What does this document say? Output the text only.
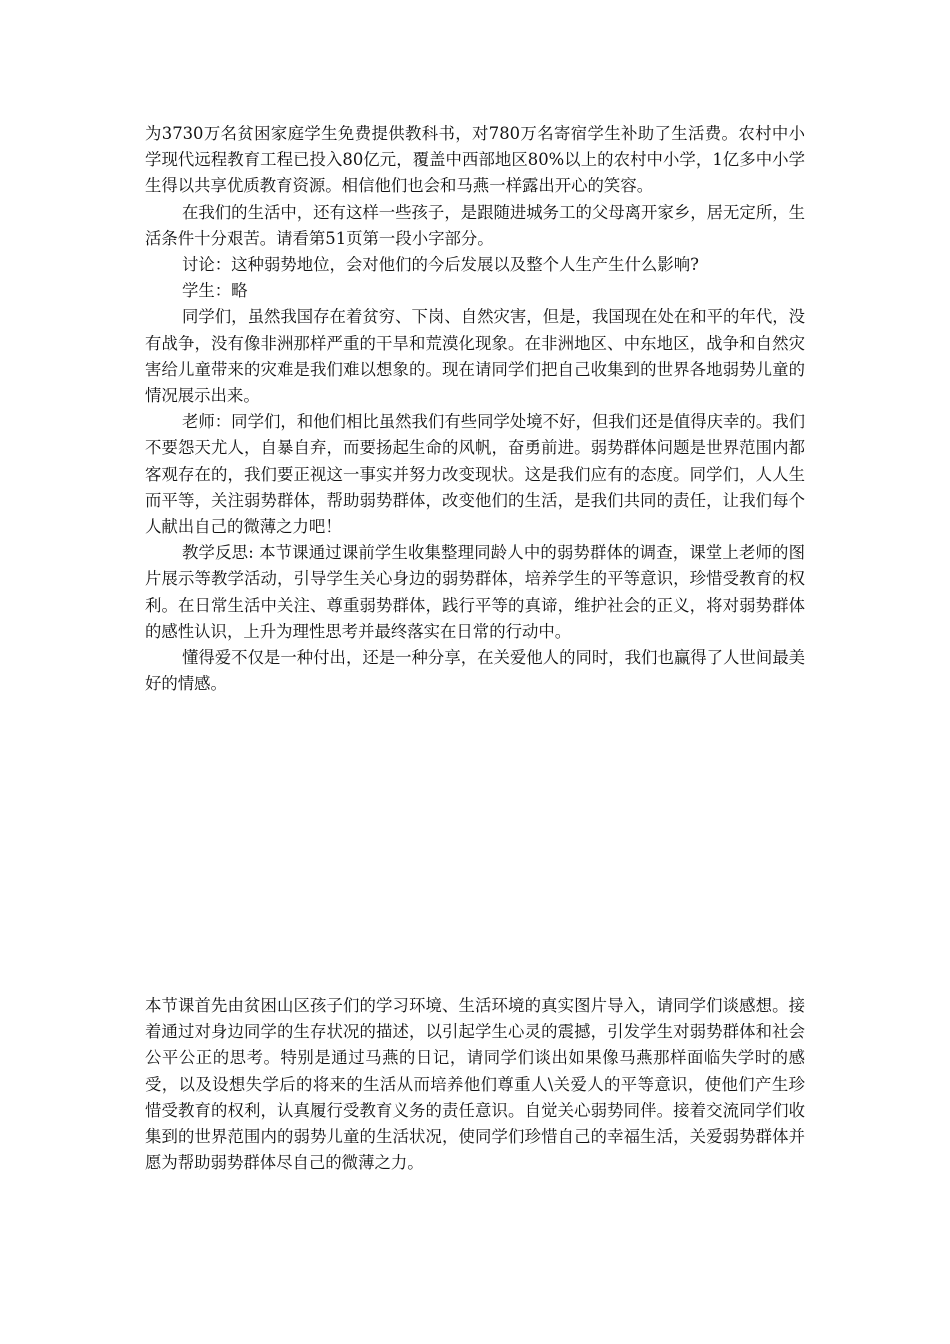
为3730万名贫困家庭学生免费提供教科书，对780万名寄宿学生补助了生活费。农村中小学现代远程教育工程已投入80亿元，覆盖中西部地区80%以上的农村中小学，1亿多中小学生得以共享优质教育资源。相信他们也会和马燕一样露出开心的笑容。

在我们的生活中，还有这样一些孩子，是跟随进城务工的父母离开家乡，居无定所，生活条件十分艰苦。请看第51页第一段小字部分。

讨论：这种弱势地位，会对他们的今后发展以及整个人生产生什么影响?

学生：略

同学们，虽然我国存在着贫穷、下岗、自然灾害，但是，我国现在处在和平的年代，没有战争，没有像非洲那样严重的干旱和荒漠化现象。在非洲地区、中东地区，战争和自然灾害给儿童带来的灾难是我们难以想象的。现在请同学们把自己收集到的世界各地弱势儿童的情况展示出来。

老师：同学们，和他们相比虽然我们有些同学处境不好，但我们还是值得庆幸的。我们不要怨天尤人，自暴自弃，而要扬起生命的风帆，奋勇前进。弱势群体问题是世界范围内都客观存在的，我们要正视这一事实并努力改变现状。这是我们应有的态度。同学们，人人生而平等，关注弱势群体，帮助弱势群体，改变他们的生活，是我们共同的责任，让我们每个人献出自己的微薄之力吧！

教学反思: 本节课通过课前学生收集整理同龄人中的弱势群体的调查，课堂上老师的图片展示等教学活动，引导学生关心身边的弱势群体，培养学生的平等意识，珍惜受教育的权利。在日常生活中关注、尊重弱势群体，践行平等的真谛，维护社会的正义，将对弱势群体的感性认识，上升为理性思考并最终落实在日常的行动中。

懂得爱不仅是一种付出，还是一种分享，在关爱他人的同时，我们也赢得了人世间最美好的情感。

本节课首先由贫困山区孩子们的学习环境、生活环境的真实图片导入，请同学们谈感想。接着通过对身边同学的生存状况的描述，以引起学生心灵的震撼，引发学生对弱势群体和社会公平公正的思考。特别是通过马燕的日记，请同学们谈出如果像马燕那样面临失学时的感受，以及设想失学后的将来的生活从而培养他们尊重人\关爱人的平等意识，使他们产生珍惜受教育的权利，认真履行受教育义务的责任意识。自觉关心弱势同伴。接着交流同学们收集到的世界范围内的弱势儿童的生活状况，使同学们珍惜自己的幸福生活，关爱弱势群体并愿为帮助弱势群体尽自己的微薄之力。
